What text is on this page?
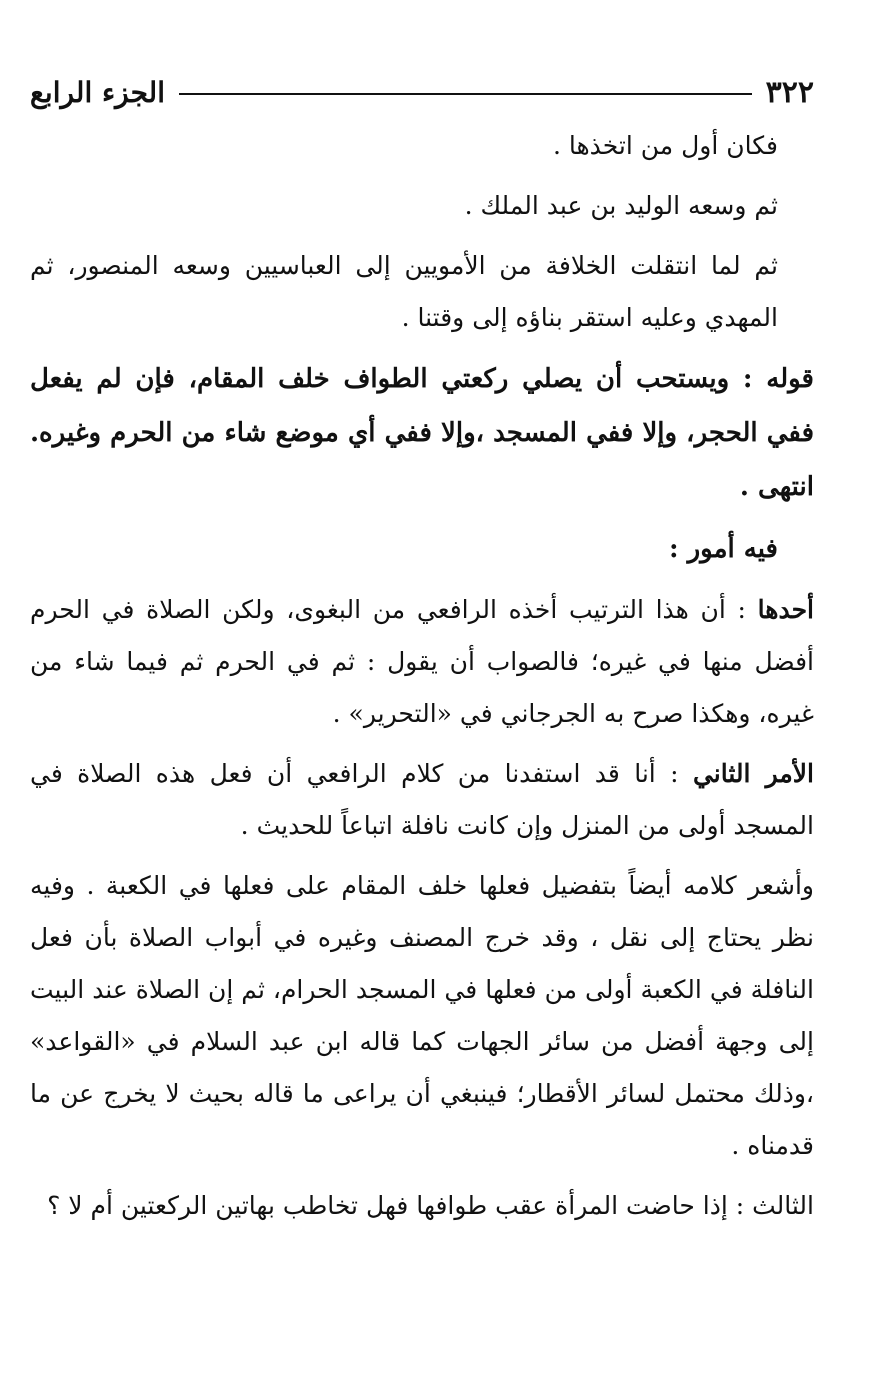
٣٢٢
الجزء الرابع

فكان أول من اتخذها .

ثم وسعه الوليد بن عبد الملك .

ثم لما انتقلت الخلافة من الأمويين إلى العباسيين وسعه المنصور، ثم المهدي وعليه استقر بناؤه إلى وقتنا .

قوله : ويستحب أن يصلي ركعتي الطواف خلف المقام، فإن لم يفعل ففي الحجر، وإلا ففي المسجد ،وإلا ففي أي موضع شاء من الحرم وغيره. انتهى .

فيه أمور :

أحدها : أن هذا الترتيب أخذه الرافعي من البغوى، ولكن الصلاة في الحرم أفضل منها في غيره؛ فالصواب أن يقول : ثم في الحرم ثم فيما شاء من غيره، وهكذا صرح به الجرجاني في «التحرير» .

الأمر الثاني : أنا قد استفدنا من كلام الرافعي أن فعل هذه الصلاة في المسجد أولى من المنزل وإن كانت نافلة اتباعاً للحديث .

وأشعر كلامه أيضاً بتفضيل فعلها خلف المقام على فعلها في الكعبة . وفيه نظر يحتاج إلى نقل ، وقد خرج المصنف وغيره في أبواب الصلاة بأن فعل النافلة في الكعبة أولى من فعلها في المسجد الحرام، ثم إن الصلاة عند البيت إلى وجهة أفضل من سائر الجهات كما قاله ابن عبد السلام في «القواعد» ،وذلك محتمل لسائر الأقطار؛ فينبغي أن يراعى ما قاله بحيث لا يخرج عن ما قدمناه .

الثالث : إذا حاضت المرأة عقب طوافها فهل تخاطب بهاتين الركعتين أم لا ؟
